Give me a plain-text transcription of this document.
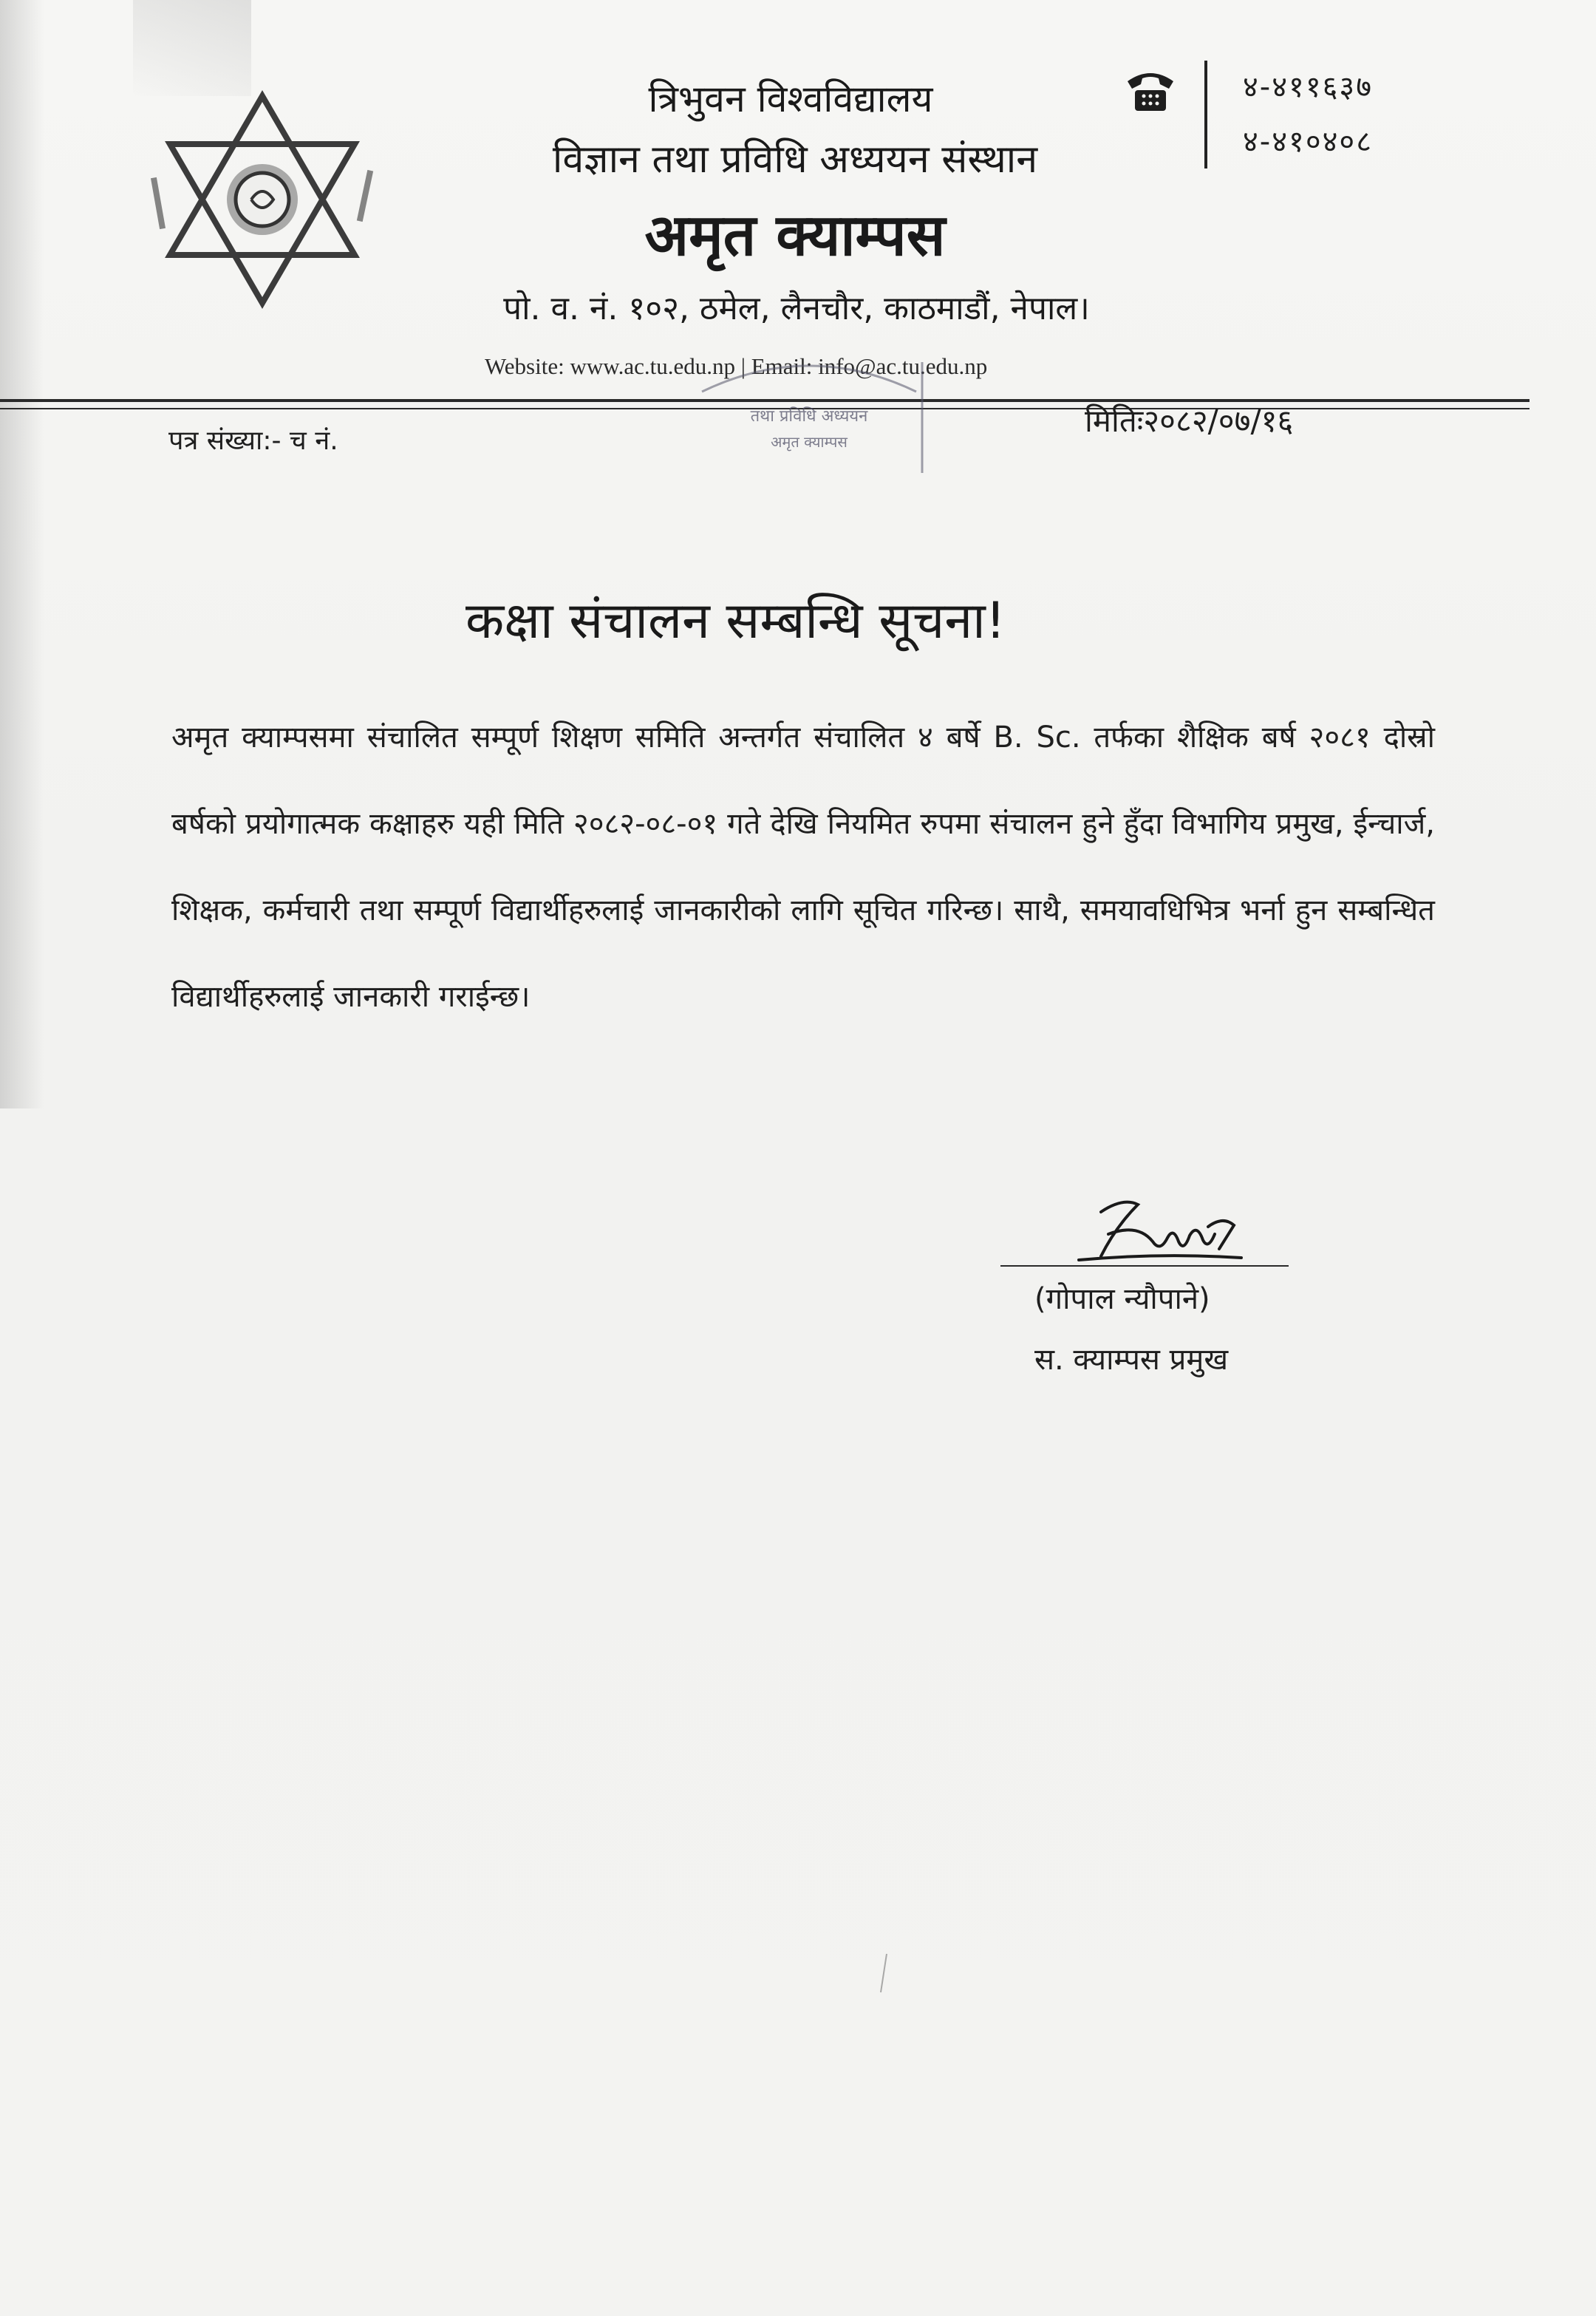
त्रिभुवन विश्वविद्यालय
विज्ञान तथा प्रविधि अध्ययन संस्थान
अमृत क्याम्पस
पो. व. नं. १०२, ठमेल, लैनचौर, काठमाडौं, नेपाल।
Website: www.ac.tu.edu.np | Email: info@ac.tu.edu.np
४-४११६३७
४-४१०४०८
तथा प्रविधि अध्ययन
अमृत क्याम्पस
पत्र संख्या:- च नं.
मितिः२०८२/०७/१६
कक्षा संचालन सम्बन्धि सूचना!
अमृत क्याम्पसमा संचालित सम्पूर्ण शिक्षण समिति अन्तर्गत संचालित ४ बर्षे B. Sc. तर्फका शैक्षिक बर्ष २०८१ दोस्रो बर्षको प्रयोगात्मक कक्षाहरु यही मिति २०८२-०८-०१ गते देखि नियमित रुपमा संचालन हुने हुँदा विभागिय प्रमुख, ईन्चार्ज, शिक्षक, कर्मचारी तथा सम्पूर्ण विद्यार्थीहरुलाई जानकारीको लागि सूचित गरिन्छ। साथै, समयावधिभित्र भर्ना हुन सम्बन्धित विद्यार्थीहरुलाई जानकारी गराईन्छ।
(गोपाल न्यौपाने)
स. क्याम्पस प्रमुख
